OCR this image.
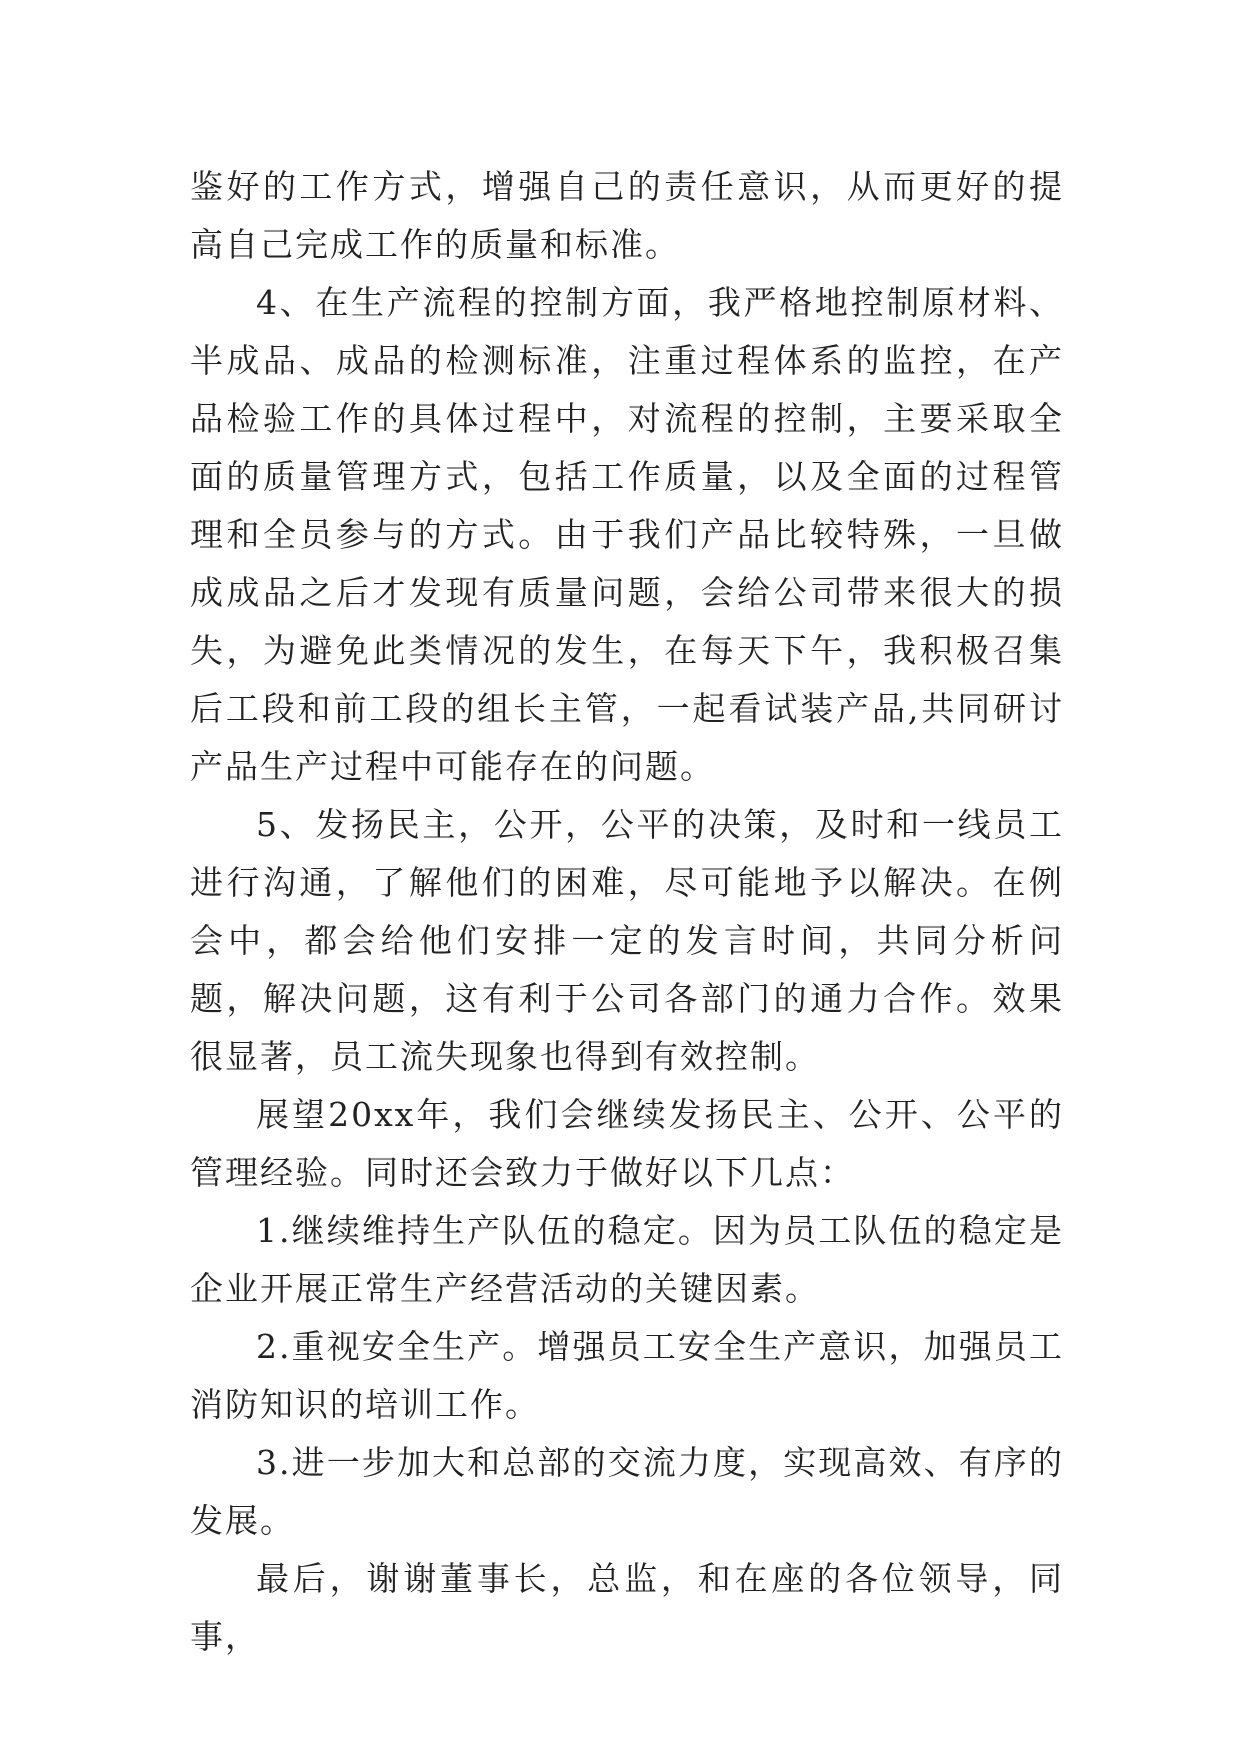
鉴好的工作方式，增强自己的责任意识，从而更好的提高自己完成工作的质量和标准。

4、在生产流程的控制方面，我严格地控制原材料、半成品、成品的检测标准，注重过程体系的监控，在产品检验工作的具体过程中，对流程的控制，主要采取全面的质量管理方式，包括工作质量，以及全面的过程管理和全员参与的方式。由于我们产品比较特殊，一旦做成成品之后才发现有质量问题，会给公司带来很大的损失，为避免此类情况的发生，在每天下午，我积极召集后工段和前工段的组长主管，一起看试装产品,共同研讨产品生产过程中可能存在的问题。

5、发扬民主，公开，公平的决策，及时和一线员工进行沟通，了解他们的困难，尽可能地予以解决。在例会中，都会给他们安排一定的发言时间，共同分析问题，解决问题，这有利于公司各部门的通力合作。效果很显著，员工流失现象也得到有效控制。

展望20xx年，我们会继续发扬民主、公开、公平的管理经验。同时还会致力于做好以下几点：

1.继续维持生产队伍的稳定。因为员工队伍的稳定是企业开展正常生产经营活动的关键因素。

2.重视安全生产。增强员工安全生产意识，加强员工消防知识的培训工作。

3.进一步加大和总部的交流力度，实现高效、有序的发展。

最后，谢谢董事长，总监，和在座的各位领导，同事，
